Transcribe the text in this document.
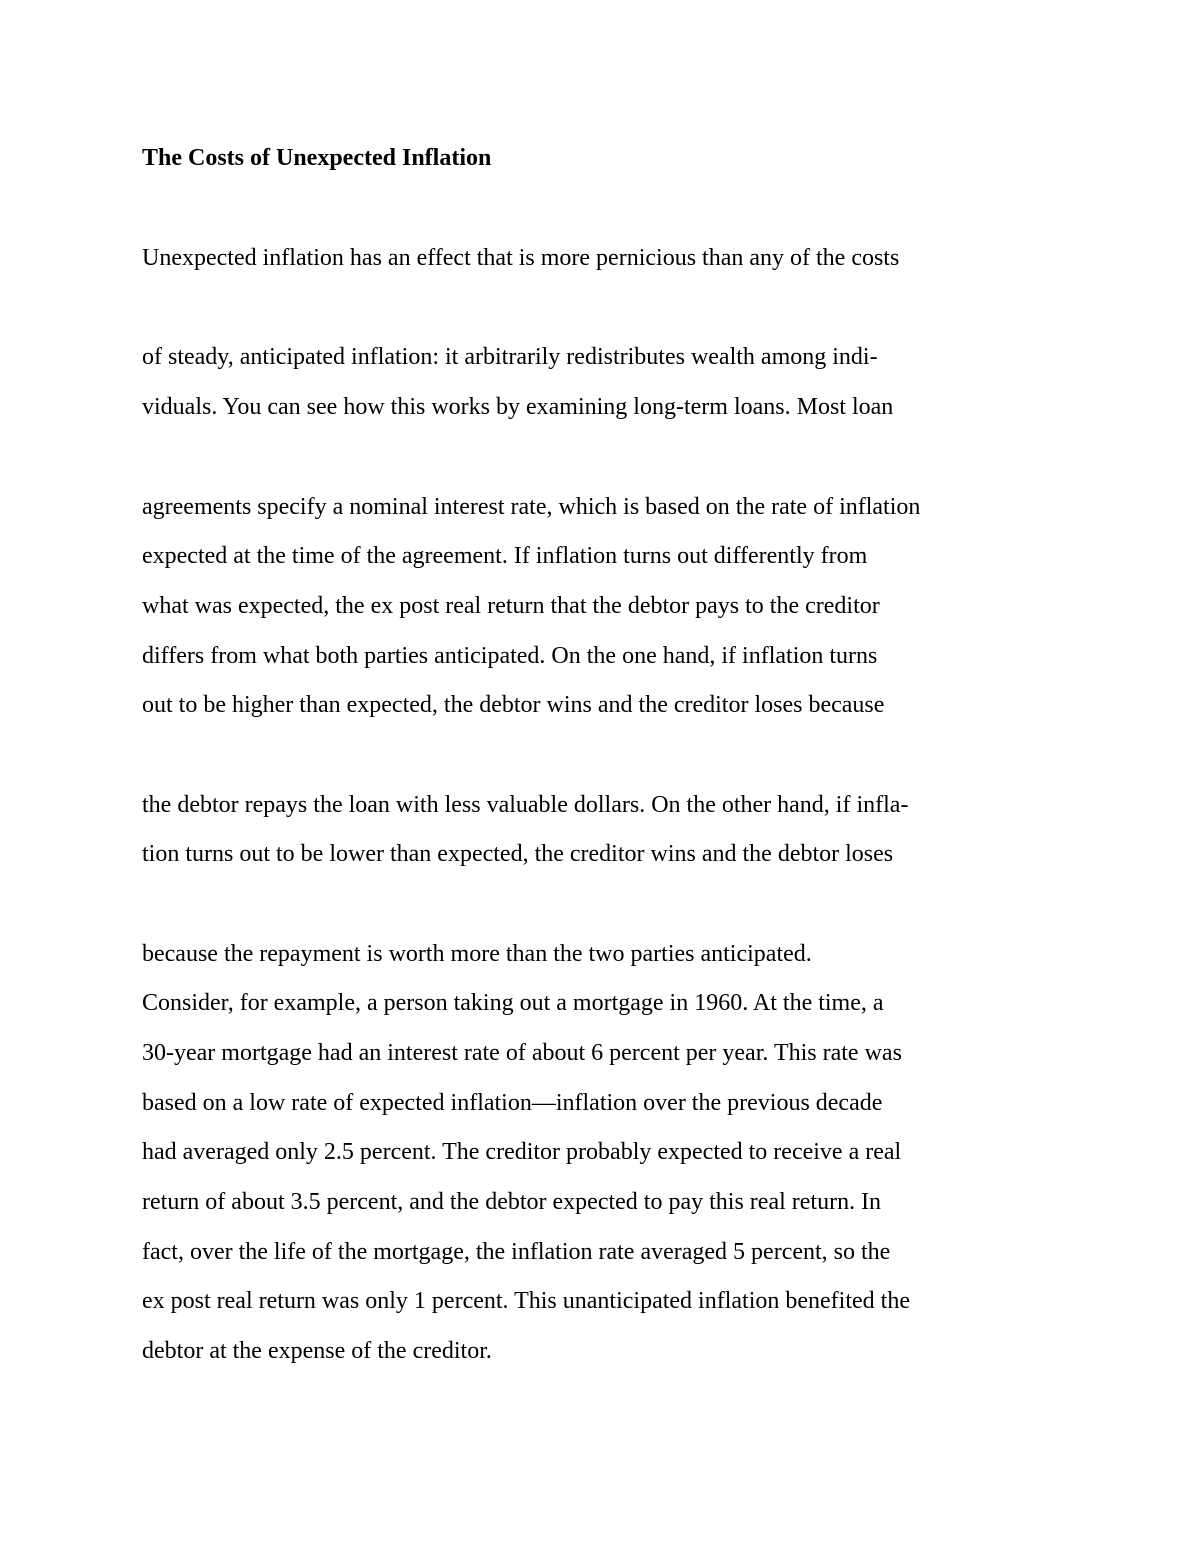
The Costs of Unexpected Inflation
Unexpected inflation has an effect that is more pernicious than any of the costs
of steady, anticipated inflation: it arbitrarily redistributes wealth among indi-
viduals. You can see how this works by examining long-term loans. Most loan
agreements specify a nominal interest rate, which is based on the rate of inflation
expected at the time of the agreement. If inflation turns out differently from
what was expected, the ex post real return that the debtor pays to the creditor
differs from what both parties anticipated. On the one hand, if inflation turns
out to be higher than expected, the debtor wins and the creditor loses because
the debtor repays the loan with less valuable dollars. On the other hand, if infla-
tion turns out to be lower than expected, the creditor wins and the debtor loses
because the repayment is worth more than the two parties anticipated.
Consider, for example, a person taking out a mortgage in 1960. At the time, a
30-year mortgage had an interest rate of about 6 percent per year. This rate was
based on a low rate of expected inflation—inflation over the previous decade
had averaged only 2.5 percent. The creditor probably expected to receive a real
return of about 3.5 percent, and the debtor expected to pay this real return. In
fact, over the life of the mortgage, the inflation rate averaged 5 percent, so the
ex post real return was only 1 percent. This unanticipated inflation benefited the
debtor at the expense of the creditor.
